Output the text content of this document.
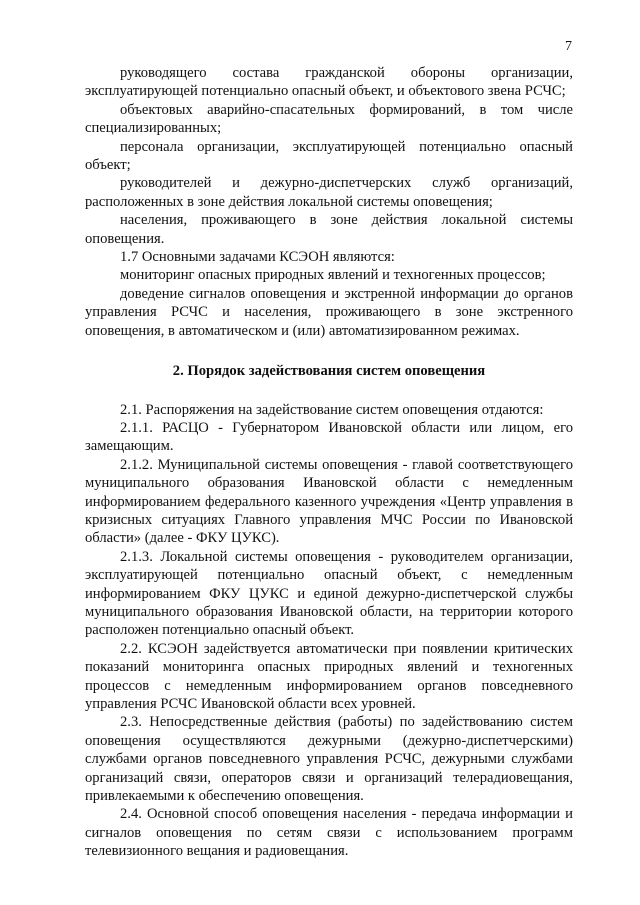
7

руководящего состава гражданской обороны организации, эксплуатирующей потенциально опасный объект, и объектового звена РСЧС;

объектовых аварийно-спасательных формирований, в том числе специализированных;

персонала организации, эксплуатирующей потенциально опасный объект;

руководителей и дежурно-диспетчерских служб организаций, расположенных в зоне действия локальной системы оповещения;

населения, проживающего в зоне действия локальной системы оповещения.

1.7 Основными задачами КСЭОН являются:

мониторинг опасных природных явлений и техногенных процессов;

доведение сигналов оповещения и экстренной информации до органов управления РСЧС и населения, проживающего в зоне экстренного оповещения, в автоматическом и (или) автоматизированном режимах.

2. Порядок задействования систем оповещения

2.1. Распоряжения на задействование систем оповещения отдаются:

2.1.1. РАСЦО - Губернатором Ивановской области или лицом, его замещающим.

2.1.2. Муниципальной системы оповещения - главой соответствующего муниципального образования Ивановской области с немедленным информированием федерального казенного учреждения «Центр управления в кризисных ситуациях Главного управления МЧС России по Ивановской области» (далее - ФКУ ЦУКС).

2.1.3. Локальной системы оповещения - руководителем организации, эксплуатирующей потенциально опасный объект, с немедленным информированием ФКУ ЦУКС и единой дежурно-диспетчерской службы муниципального образования Ивановской области, на территории которого расположен потенциально опасный объект.

2.2. КСЭОН задействуется автоматически при появлении критических показаний мониторинга опасных природных явлений и техногенных процессов с немедленным информированием органов повседневного управления РСЧС Ивановской области всех уровней.

2.3. Непосредственные действия (работы) по задействованию систем оповещения осуществляются дежурными (дежурно-диспетчерскими) службами органов повседневного управления РСЧС, дежурными службами организаций связи, операторов связи и организаций телерадиовещания, привлекаемыми к обеспечению оповещения.

2.4. Основной способ оповещения населения - передача информации и сигналов оповещения по сетям связи с использованием программ телевизионного вещания и радиовещания.
